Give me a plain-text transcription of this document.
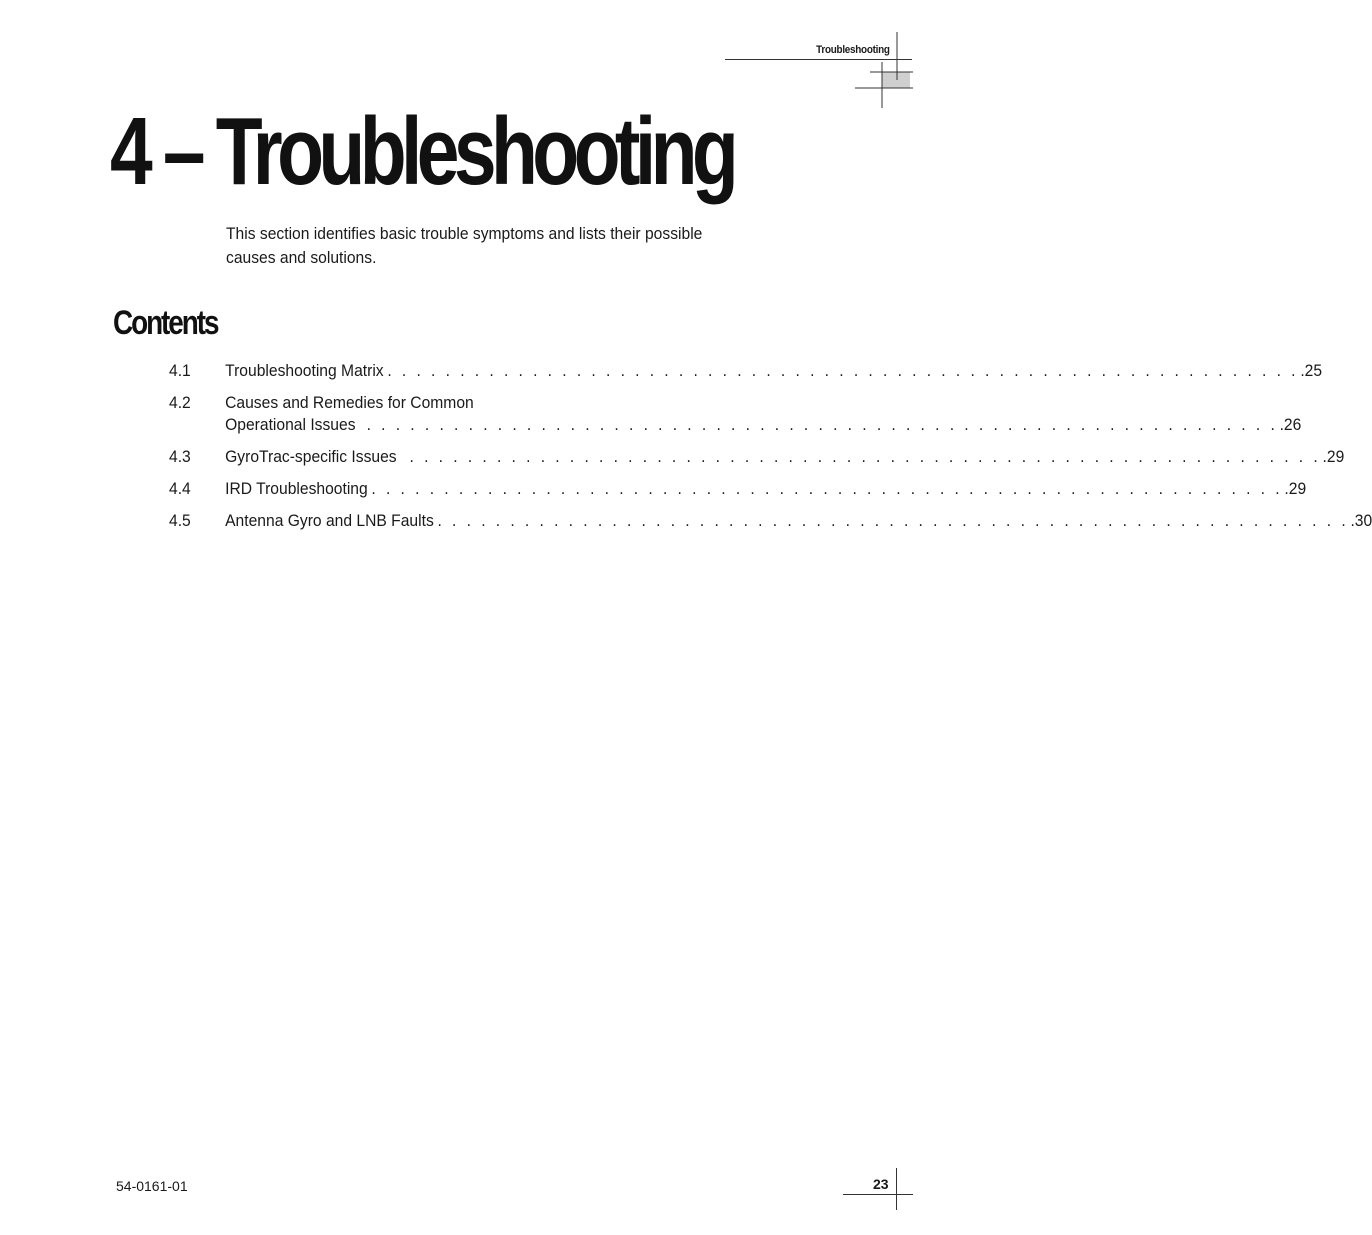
Troubleshooting
4 – Troubleshooting

This section identifies basic trouble symptoms and lists their possible causes and solutions.

Contents
4.1	Troubleshooting Matrix . . . . . . . . . . . . . . . . . . . . . . . . . . . . . . . . . . . . . . . . . . . . . . . . . . . . . . . . . . . . . . . .25
4.2	Causes and Remedies for Common
Operational Issues . . . . . . . . . . . . . . . . . . . . . . . . . . . . . . . . . . . . . . . . . . . . . . . . . . . . . . . . . . . . . . . .26
4.3	GyroTrac-specific Issues . . . . . . . . . . . . . . . . . . . . . . . . . . . . . . . . . . . . . . . . . . . . . . . . . . . . . . . . . . . . . . . .29
4.4	IRD Troubleshooting . . . . . . . . . . . . . . . . . . . . . . . . . . . . . . . . . . . . . . . . . . . . . . . . . . . . . . . . . . . . . . . .29
4.5	Antenna Gyro and LNB Faults . . . . . . . . . . . . . . . . . . . . . . . . . . . . . . . . . . . . . . . . . . . . . . . . . . . . . . . . . . . . . . . .30
54-0161-01	23
